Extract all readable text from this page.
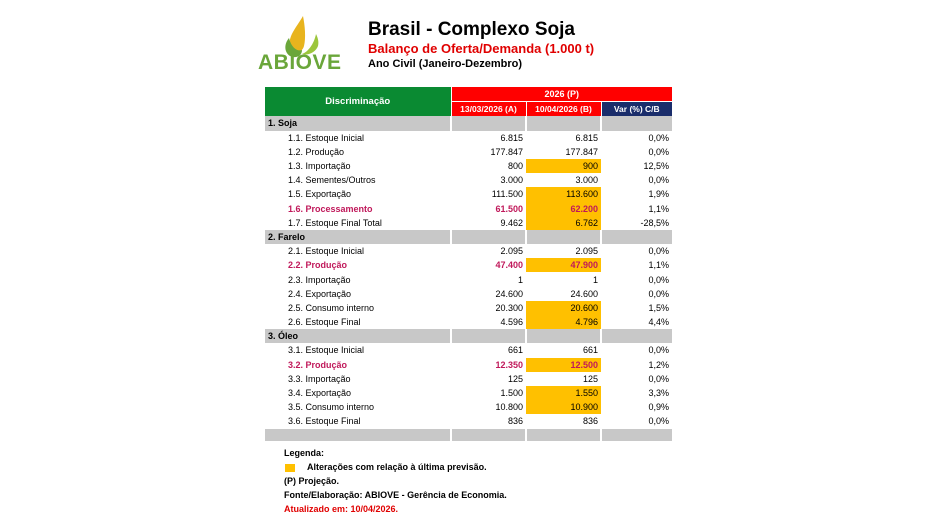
ABIOVE
Brasil - Complexo Soja
Balanço de Oferta/Demanda (1.000 t)
Ano Civil (Janeiro-Dezembro)
Discriminação	2026 (P)		
	13/03/2026 (A)	10/04/2026 (B)	Var (%) C/B
1. Soja			
1.1. Estoque Inicial	6.815	6.815	0,0%
1.2. Produção	177.847	177.847	0,0%
1.3. Importação	800	900	12,5%
1.4. Sementes/Outros	3.000	3.000	0,0%
1.5. Exportação	111.500	113.600	1,9%
1.6. Processamento	61.500	62.200	1,1%
1.7. Estoque Final Total	9.462	6.762	-28,5%
2. Farelo			
2.1. Estoque Inicial	2.095	2.095	0,0%
2.2. Produção	47.400	47.900	1,1%
2.3. Importação	1	1	0,0%
2.4. Exportação	24.600	24.600	0,0%
2.5. Consumo interno	20.300	20.600	1,5%
2.6. Estoque Final	4.596	4.796	4,4%
3. Óleo			
3.1. Estoque Inicial	661	661	0,0%
3.2. Produção	12.350	12.500	1,2%
3.3. Importação	125	125	0,0%
3.4. Exportação	1.500	1.550	3,3%
3.5. Consumo interno	10.800	10.900	0,9%
3.6. Estoque Final	836	836	0,0%

Legenda:
Alterações com relação à última previsão.
(P) Projeção.
Fonte/Elaboração: ABIOVE - Gerência de Economia.
Atualizado em: 10/04/2026.
